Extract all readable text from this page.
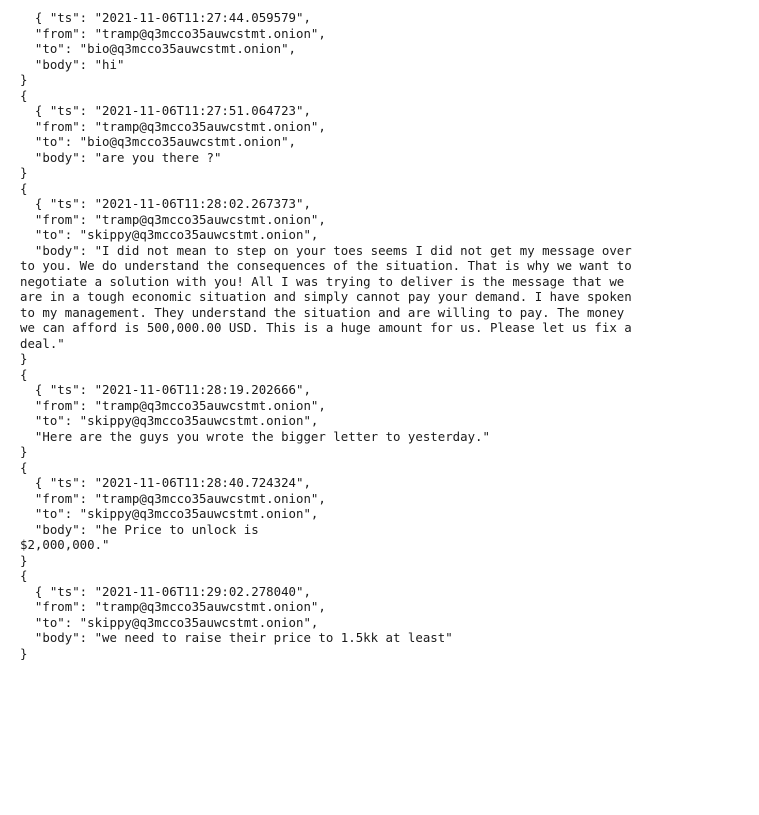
{ "ts": "2021-11-06T11:27:44.059579",
"from": "tramp@q3mcco35auwcstmt.onion",
"to": "bio@q3mcco35auwcstmt.onion",
"body": "hi"
}
{
{ "ts": "2021-11-06T11:27:51.064723",
"from": "tramp@q3mcco35auwcstmt.onion",
"to": "bio@q3mcco35auwcstmt.onion",
"body": "are you there ?"
}
{
{ "ts": "2021-11-06T11:28:02.267373",
"from": "tramp@q3mcco35auwcstmt.onion",
"to": "skippy@q3mcco35auwcstmt.onion",
"body": "I did not mean to step on your toes seems I did not get my message over
to you. We do understand the consequences of the situation. That is why we want to
negotiate a solution with you! All I was trying to deliver is the message that we
are in a tough economic situation and simply cannot pay your demand. I have spoken
to my management. They understand the situation and are willing to pay. The money
we can afford is 500,000.00 USD. This is a huge amount for us. Please let us fix a
deal."
}
{
{ "ts": "2021-11-06T11:28:19.202666",
"from": "tramp@q3mcco35auwcstmt.onion",
"to": "skippy@q3mcco35auwcstmt.onion",
"Here are the guys you wrote the bigger letter to yesterday."
}
{
{ "ts": "2021-11-06T11:28:40.724324",
"from": "tramp@q3mcco35auwcstmt.onion",
"to": "skippy@q3mcco35auwcstmt.onion",
"body": "he Price to unlock is
$2,000,000."
}
{
{ "ts": "2021-11-06T11:29:02.278040",
"from": "tramp@q3mcco35auwcstmt.onion",
"to": "skippy@q3mcco35auwcstmt.onion",
"body": "we need to raise their price to 1.5kk at least"
}
